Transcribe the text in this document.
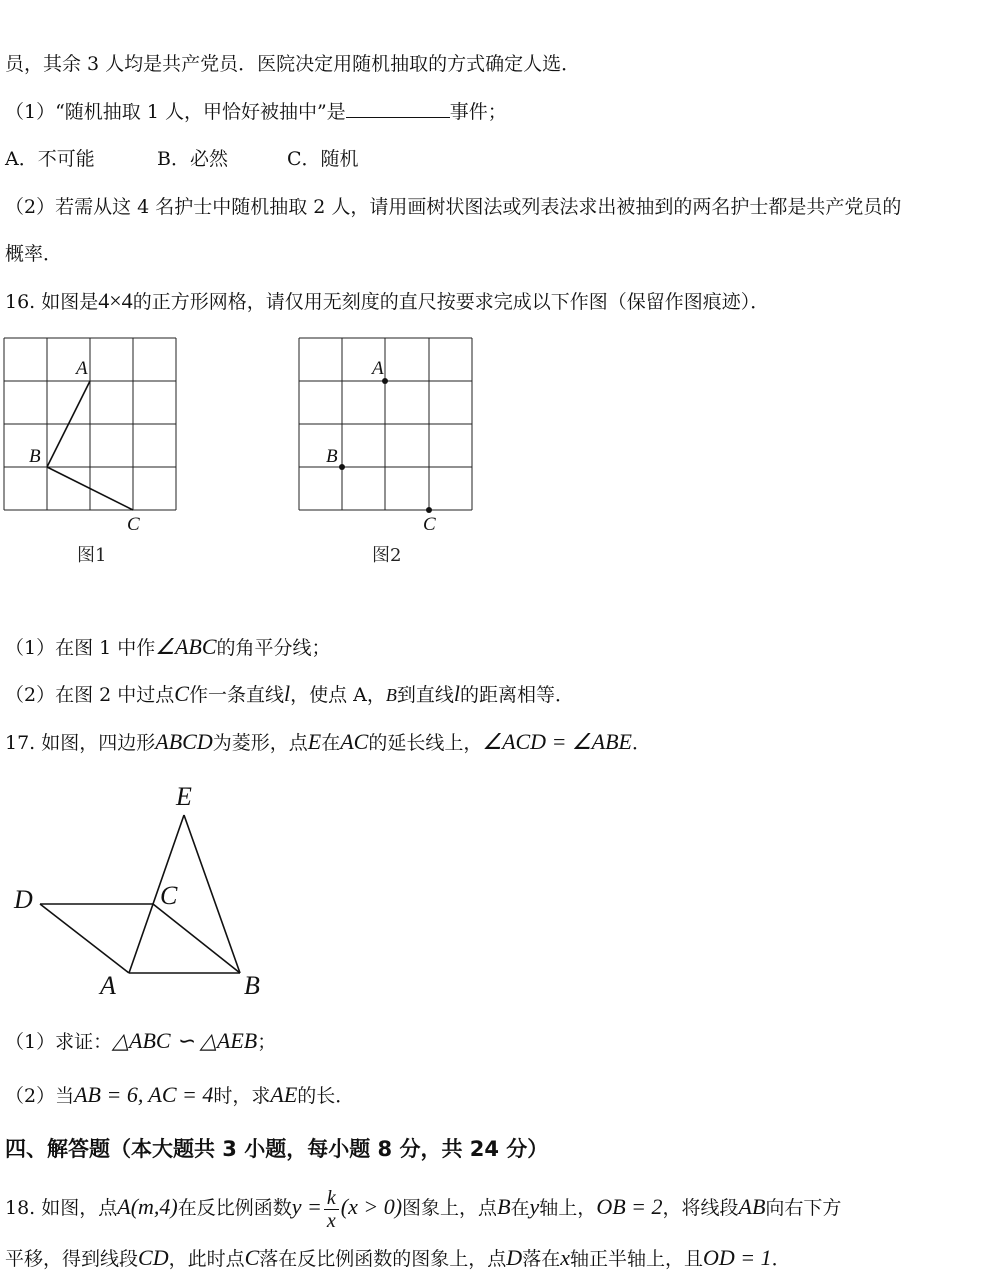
员，其余 3 人均是共产党员．医院决定用随机抽取的方式确定人选．
（1）“随机抽取 1 人，甲恰好被抽中”是	事件；
A．不可能	B．必然	C．随机
（2）若需从这 4 名护士中随机抽取 2 人，请用画树状图法或列表法求出被抽到的两名护士都是共产党员的
概率．
16. 如图是4×4的正方形网格，请仅用无刻度的直尺按要求完成以下作图（保留作图痕迹）．
A
B
C
图1
A
B
C
图2
（1）在图 1 中作∠ABC的角平分线；
（2）在图 2 中过点C作一条直线l，使点 A，B到直线l的距离相等．
17. 如图，四边形ABCD为菱形，点E在AC的延长线上，∠ACD = ∠ABE．
E
D	C
A	B
（1）求证：△ABC ∽ △AEB；
（2）当AB = 6, AC = 4时，求AE的长．
四、解答题（本大题共 3 小题，每小题 8 分，共 24 分）
18. 如图，点A(m,4)在反比例函数$y = \frac{k}{x} (x > 0)$图象上，点B在y轴上，OB = 2，将线段AB向右下方
平移，得到线段CD，此时点C落在反比例函数的图象上，点D落在x轴正半轴上，且OD = 1．
